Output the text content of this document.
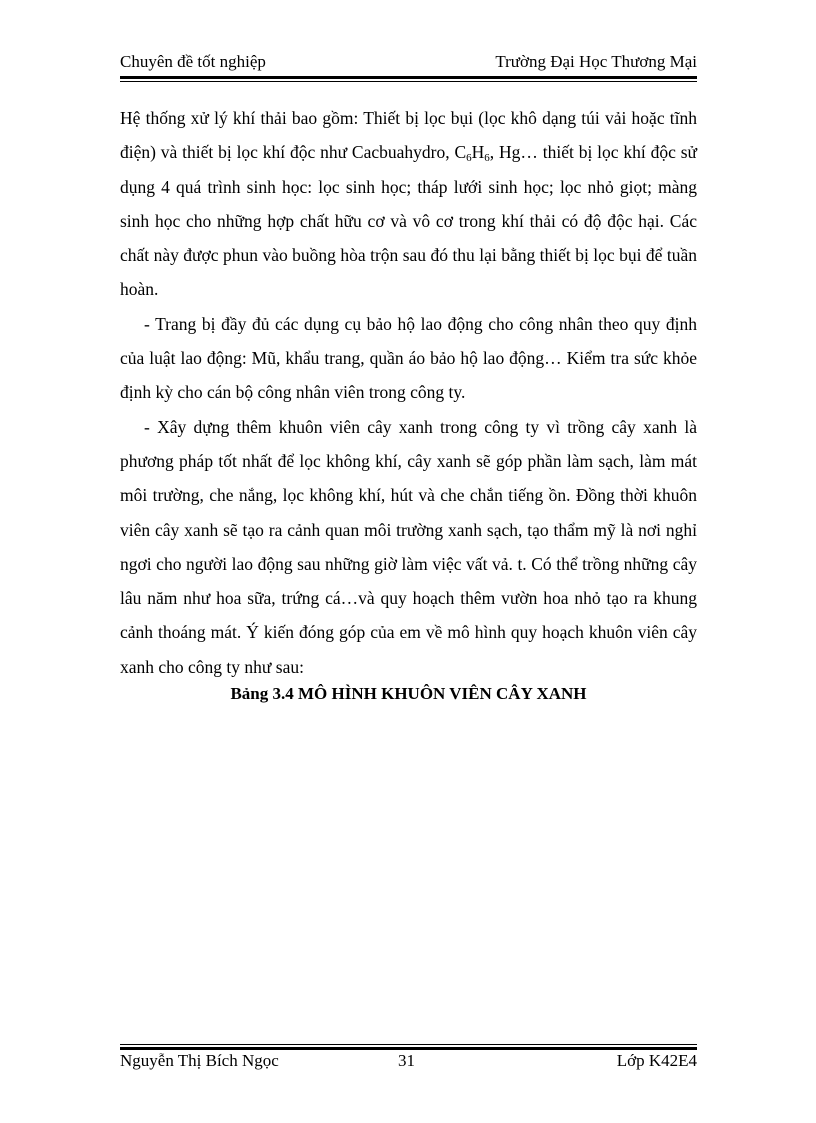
Chuyên đề tốt nghiệp	Trường Đại Học Thương Mại

Hệ thống xử lý khí thải bao gồm: Thiết bị lọc bụi (lọc khô dạng túi vải hoặc tĩnh điện) và thiết bị lọc khí độc như Cacbuahydro, $C_6H_6$, Hg… thiết bị lọc khí độc sử dụng 4 quá trình sinh học: lọc sinh học; tháp lưới sinh học; lọc nhỏ giọt; màng sinh học cho những hợp chất hữu cơ và vô cơ trong khí thải có độ độc hại. Các chất này được phun vào buồng hòa trộn sau đó thu lại bằng thiết bị lọc bụi để tuần hoàn.

- Trang bị đầy đủ các dụng cụ bảo hộ lao động cho công nhân theo quy định của luật lao động: Mũ, khẩu trang, quần áo bảo hộ lao động… Kiểm tra sức khỏe định kỳ cho cán bộ công nhân viên trong công ty.

- Xây dựng thêm khuôn viên cây xanh trong công ty vì trồng cây xanh là phương pháp tốt nhất để lọc không khí, cây xanh sẽ góp phần làm sạch, làm mát môi trường, che nắng, lọc không khí, hút và che chắn tiếng ồn. Đồng thời khuôn viên cây xanh sẽ tạo ra cảnh quan môi trường xanh sạch, tạo thẩm mỹ là nơi nghỉ ngơi cho người lao động sau những giờ làm việc vất vả. t. Có thể trồng những cây lâu năm như hoa sữa, trứng cá…và quy hoạch thêm vườn hoa nhỏ tạo ra khung cảnh thoáng mát. Ý kiến đóng góp của em về mô hình quy hoạch khuôn viên cây xanh cho công ty như sau:

Bảng 3.4 MÔ HÌNH KHUÔN VIÊN CÂY XANH
Nguyễn Thị Bích Ngọc	31	Lớp K42E4
